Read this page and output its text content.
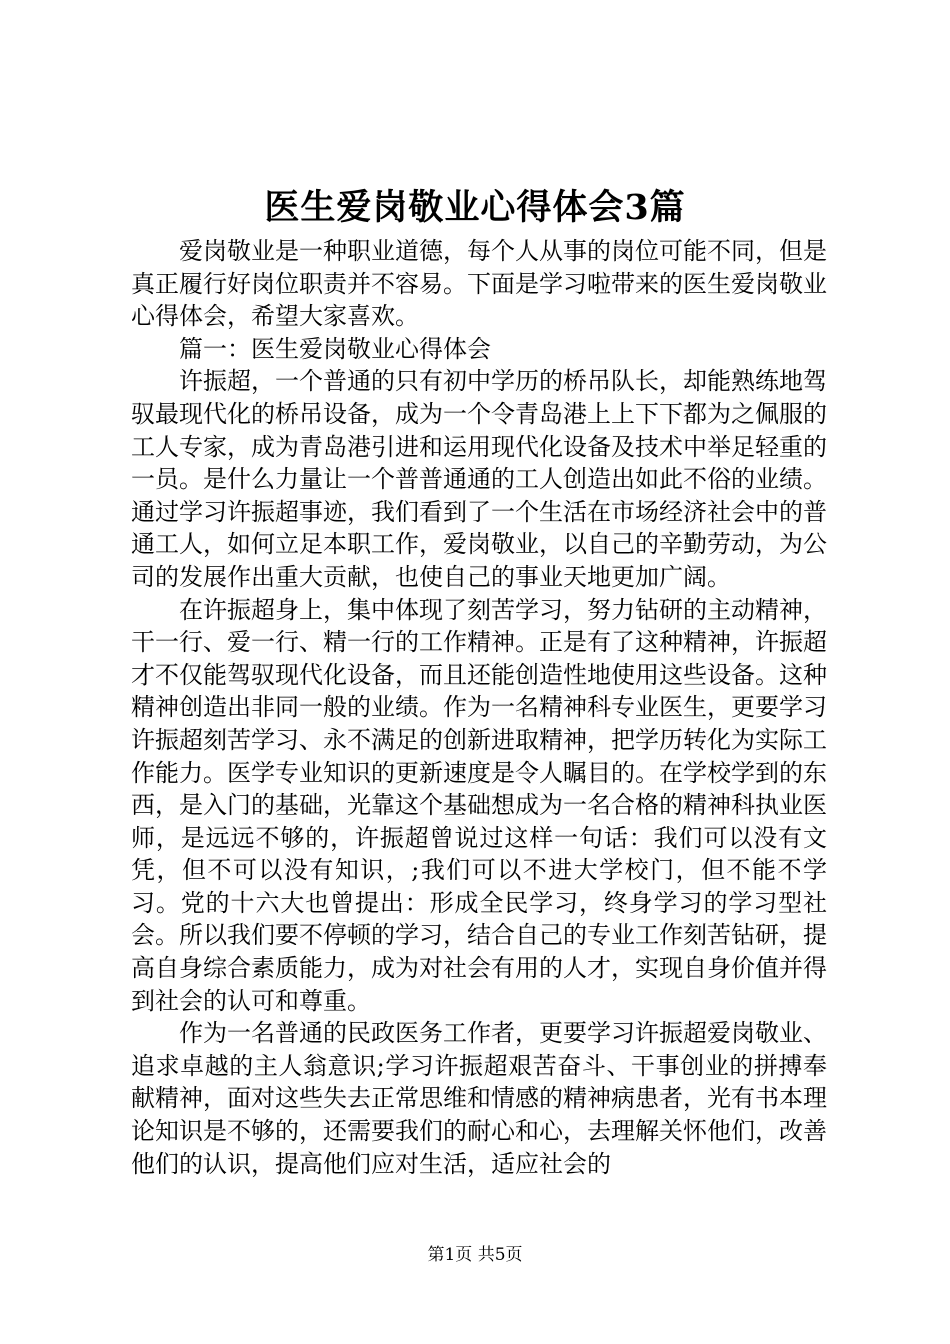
医生爱岗敬业心得体会3篇

爱岗敬业是一种职业道德，每个人从事的岗位可能不同，但是真正履行好岗位职责并不容易。下面是学习啦带来的医生爱岗敬业心得体会，希望大家喜欢。

篇一：医生爱岗敬业心得体会

许振超，一个普通的只有初中学历的桥吊队长，却能熟练地驾驭最现代化的桥吊设备，成为一个令青岛港上上下下都为之佩服的工人专家，成为青岛港引进和运用现代化设备及技术中举足轻重的一员。是什么力量让一个普普通通的工人创造出如此不俗的业绩。通过学习许振超事迹，我们看到了一个生活在市场经济社会中的普通工人，如何立足本职工作，爱岗敬业，以自己的辛勤劳动，为公司的发展作出重大贡献，也使自己的事业天地更加广阔。

在许振超身上，集中体现了刻苦学习，努力钻研的主动精神，干一行、爱一行、精一行的工作精神。正是有了这种精神，许振超才不仅能驾驭现代化设备，而且还能创造性地使用这些设备。这种精神创造出非同一般的业绩。作为一名精神科专业医生，更要学习许振超刻苦学习、永不满足的创新进取精神，把学历转化为实际工作能力。医学专业知识的更新速度是令人瞩目的。在学校学到的东西，是入门的基础，光靠这个基础想成为一名合格的精神科执业医师，是远远不够的，许振超曾说过这样一句话：我们可以没有文凭，但不可以没有知识，;我们可以不进大学校门，但不能不学习。党的十六大也曾提出：形成全民学习，终身学习的学习型社会。所以我们要不停顿的学习，结合自己的专业工作刻苦钻研，提高自身综合素质能力，成为对社会有用的人才，实现自身价值并得到社会的认可和尊重。

作为一名普通的民政医务工作者，更要学习许振超爱岗敬业、追求卓越的主人翁意识;学习许振超艰苦奋斗、干事创业的拼搏奉献精神，面对这些失去正常思维和情感的精神病患者，光有书本理论知识是不够的，还需要我们的耐心和心，去理解关怀他们，改善他们的认识，提高他们应对生活，适应社会的

第1页 共5页
